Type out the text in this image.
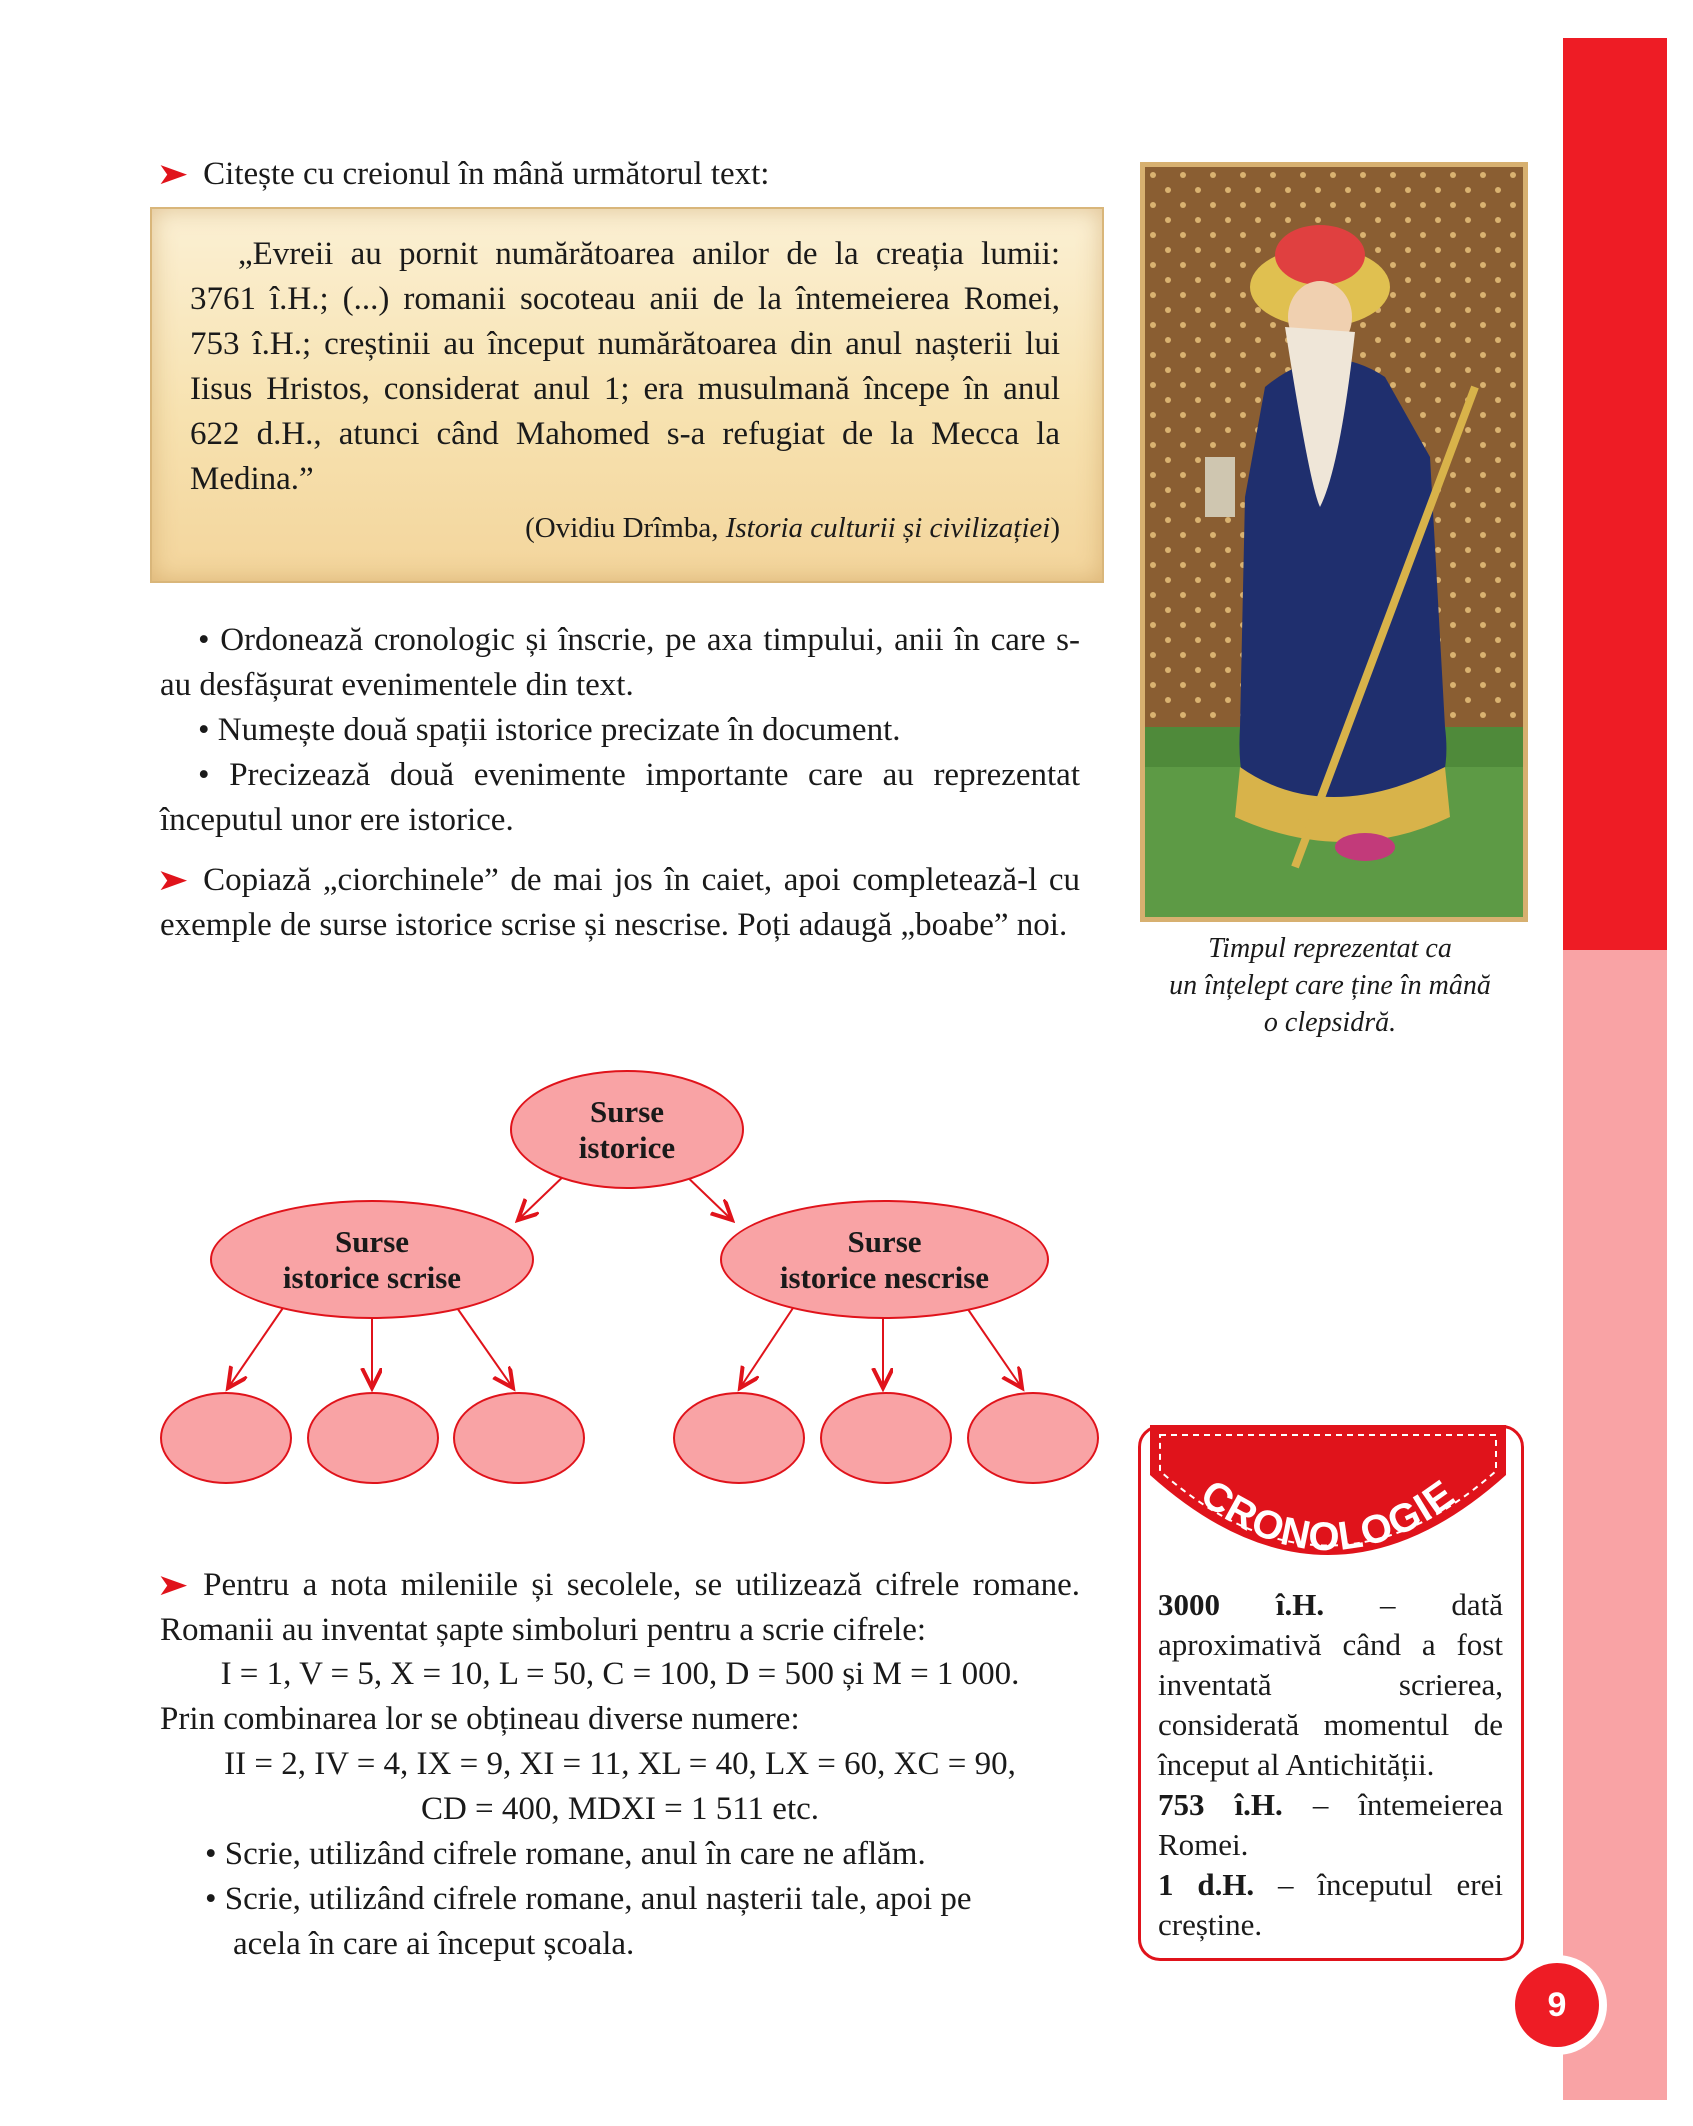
➤ Citește cu creionul în mână următorul text:
„Evreii au pornit numărătoarea anilor de la creația lumii: 3761 î.H.; (...) romanii socoteau anii de la întemeierea Romei, 753 î.H.; creștinii au început numărătoarea din anul nașterii lui Iisus Hristos, considerat anul 1; era musulmană începe în anul 622 d.H., atunci când Mahomed s-a refugiat de la Mecca la Medina.”
(Ovidiu Drîmba, Istoria culturii și civilizației)
• Ordonează cronologic și înscrie, pe axa timpului, anii în care s-au desfășurat evenimentele din text.
• Numește două spații istorice precizate în document.
• Precizează două evenimente importante care au reprezentat începutul unor ere istorice.
➤ Copiază „ciorchinele” de mai jos în caiet, apoi completează-l cu exemple de surse istorice scrise și nescrise. Poți adaugă „boabe” noi.
Timpul reprezentat ca
un înțelept care ține în mână
o clepsidră.
Surse
istorice
Surse
istorice scrise
Surse
istorice nescrise
➤ Pentru a nota mileniile și secolele, se utilizează cifrele romane. Romanii au inventat șapte simboluri pentru a scrie cifrele:
I = 1, V = 5, X = 10, L = 50, C = 100, D = 500 și M = 1 000.
Prin combinarea lor se obțineau diverse numere:
II = 2, IV = 4, IX = 9, XI = 11, XL = 40, LX = 60, XC = 90,
CD = 400, MDXI = 1 511 etc.
• Scrie, utilizând cifrele romane, anul în care ne aflăm.
• Scrie, utilizând cifrele romane, anul nașterii tale, apoi pe
acela în care ai început școala.
CRONOLOGIE
3000 î.H. – dată aproximativă când a fost inventată scrierea, considerată momentul de început al Antichității.
753 î.H. – întemeierea Romei.
1 d.H. – începutul erei creștine.
9
